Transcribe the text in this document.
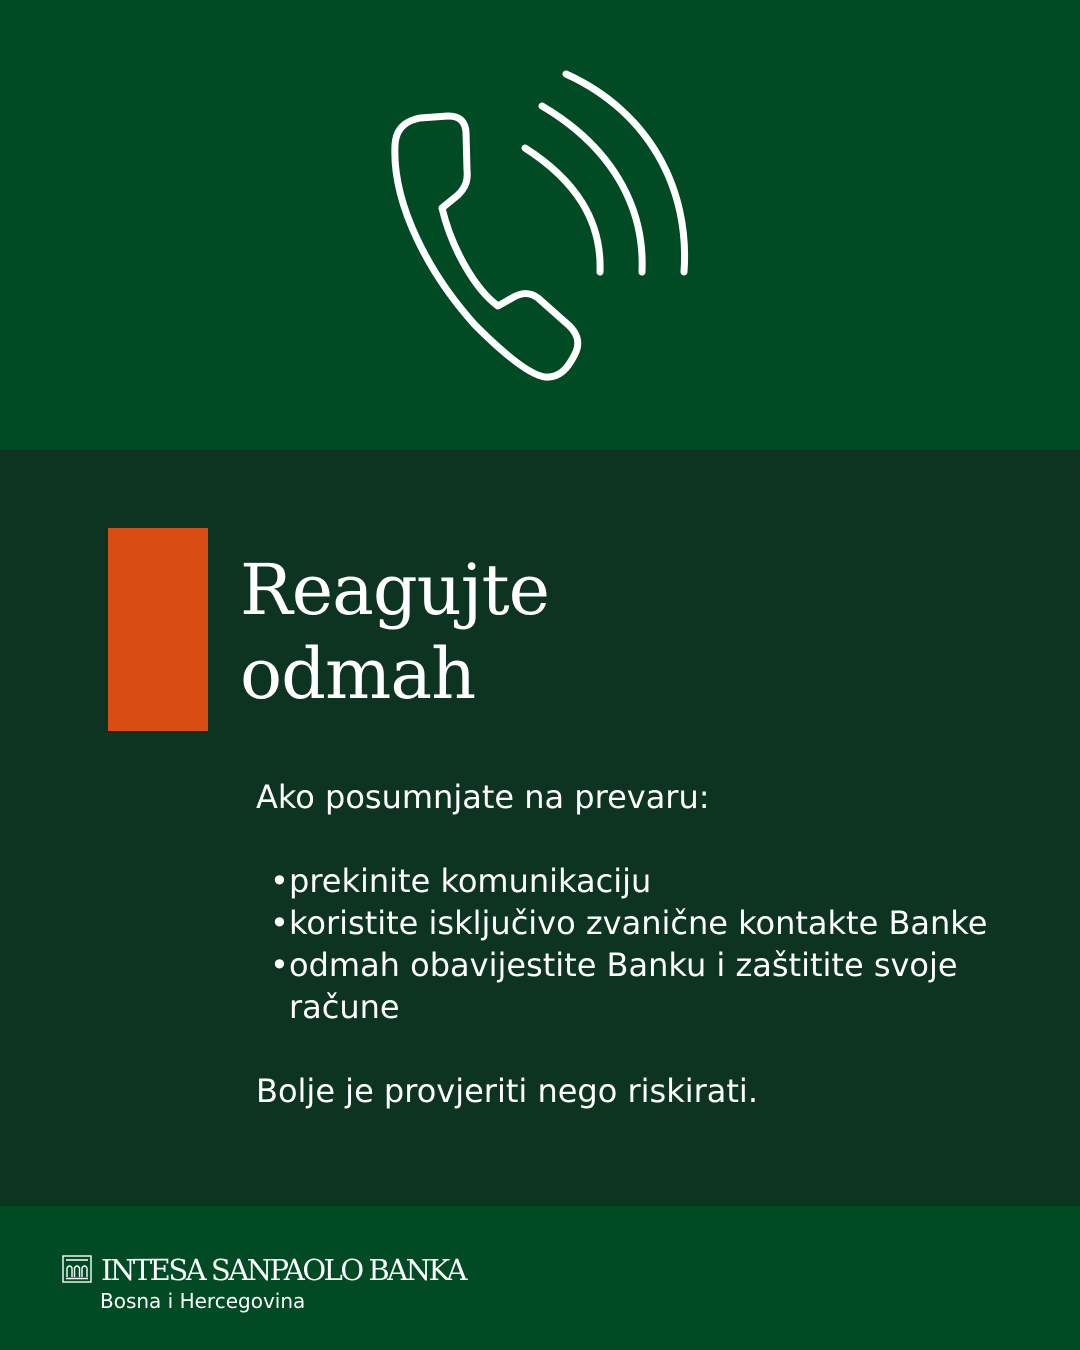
Reagujte
odmah

Ako posumnjate na prevaru:

• prekinite komunikaciju
• koristite isključivo zvanične kontakte Banke
• odmah obavijestite Banku i zaštitite svoje račune

Bolje je provjeriti nego riskirati.

INTESA SANPAOLO BANKA
Bosna i Hercegovina
